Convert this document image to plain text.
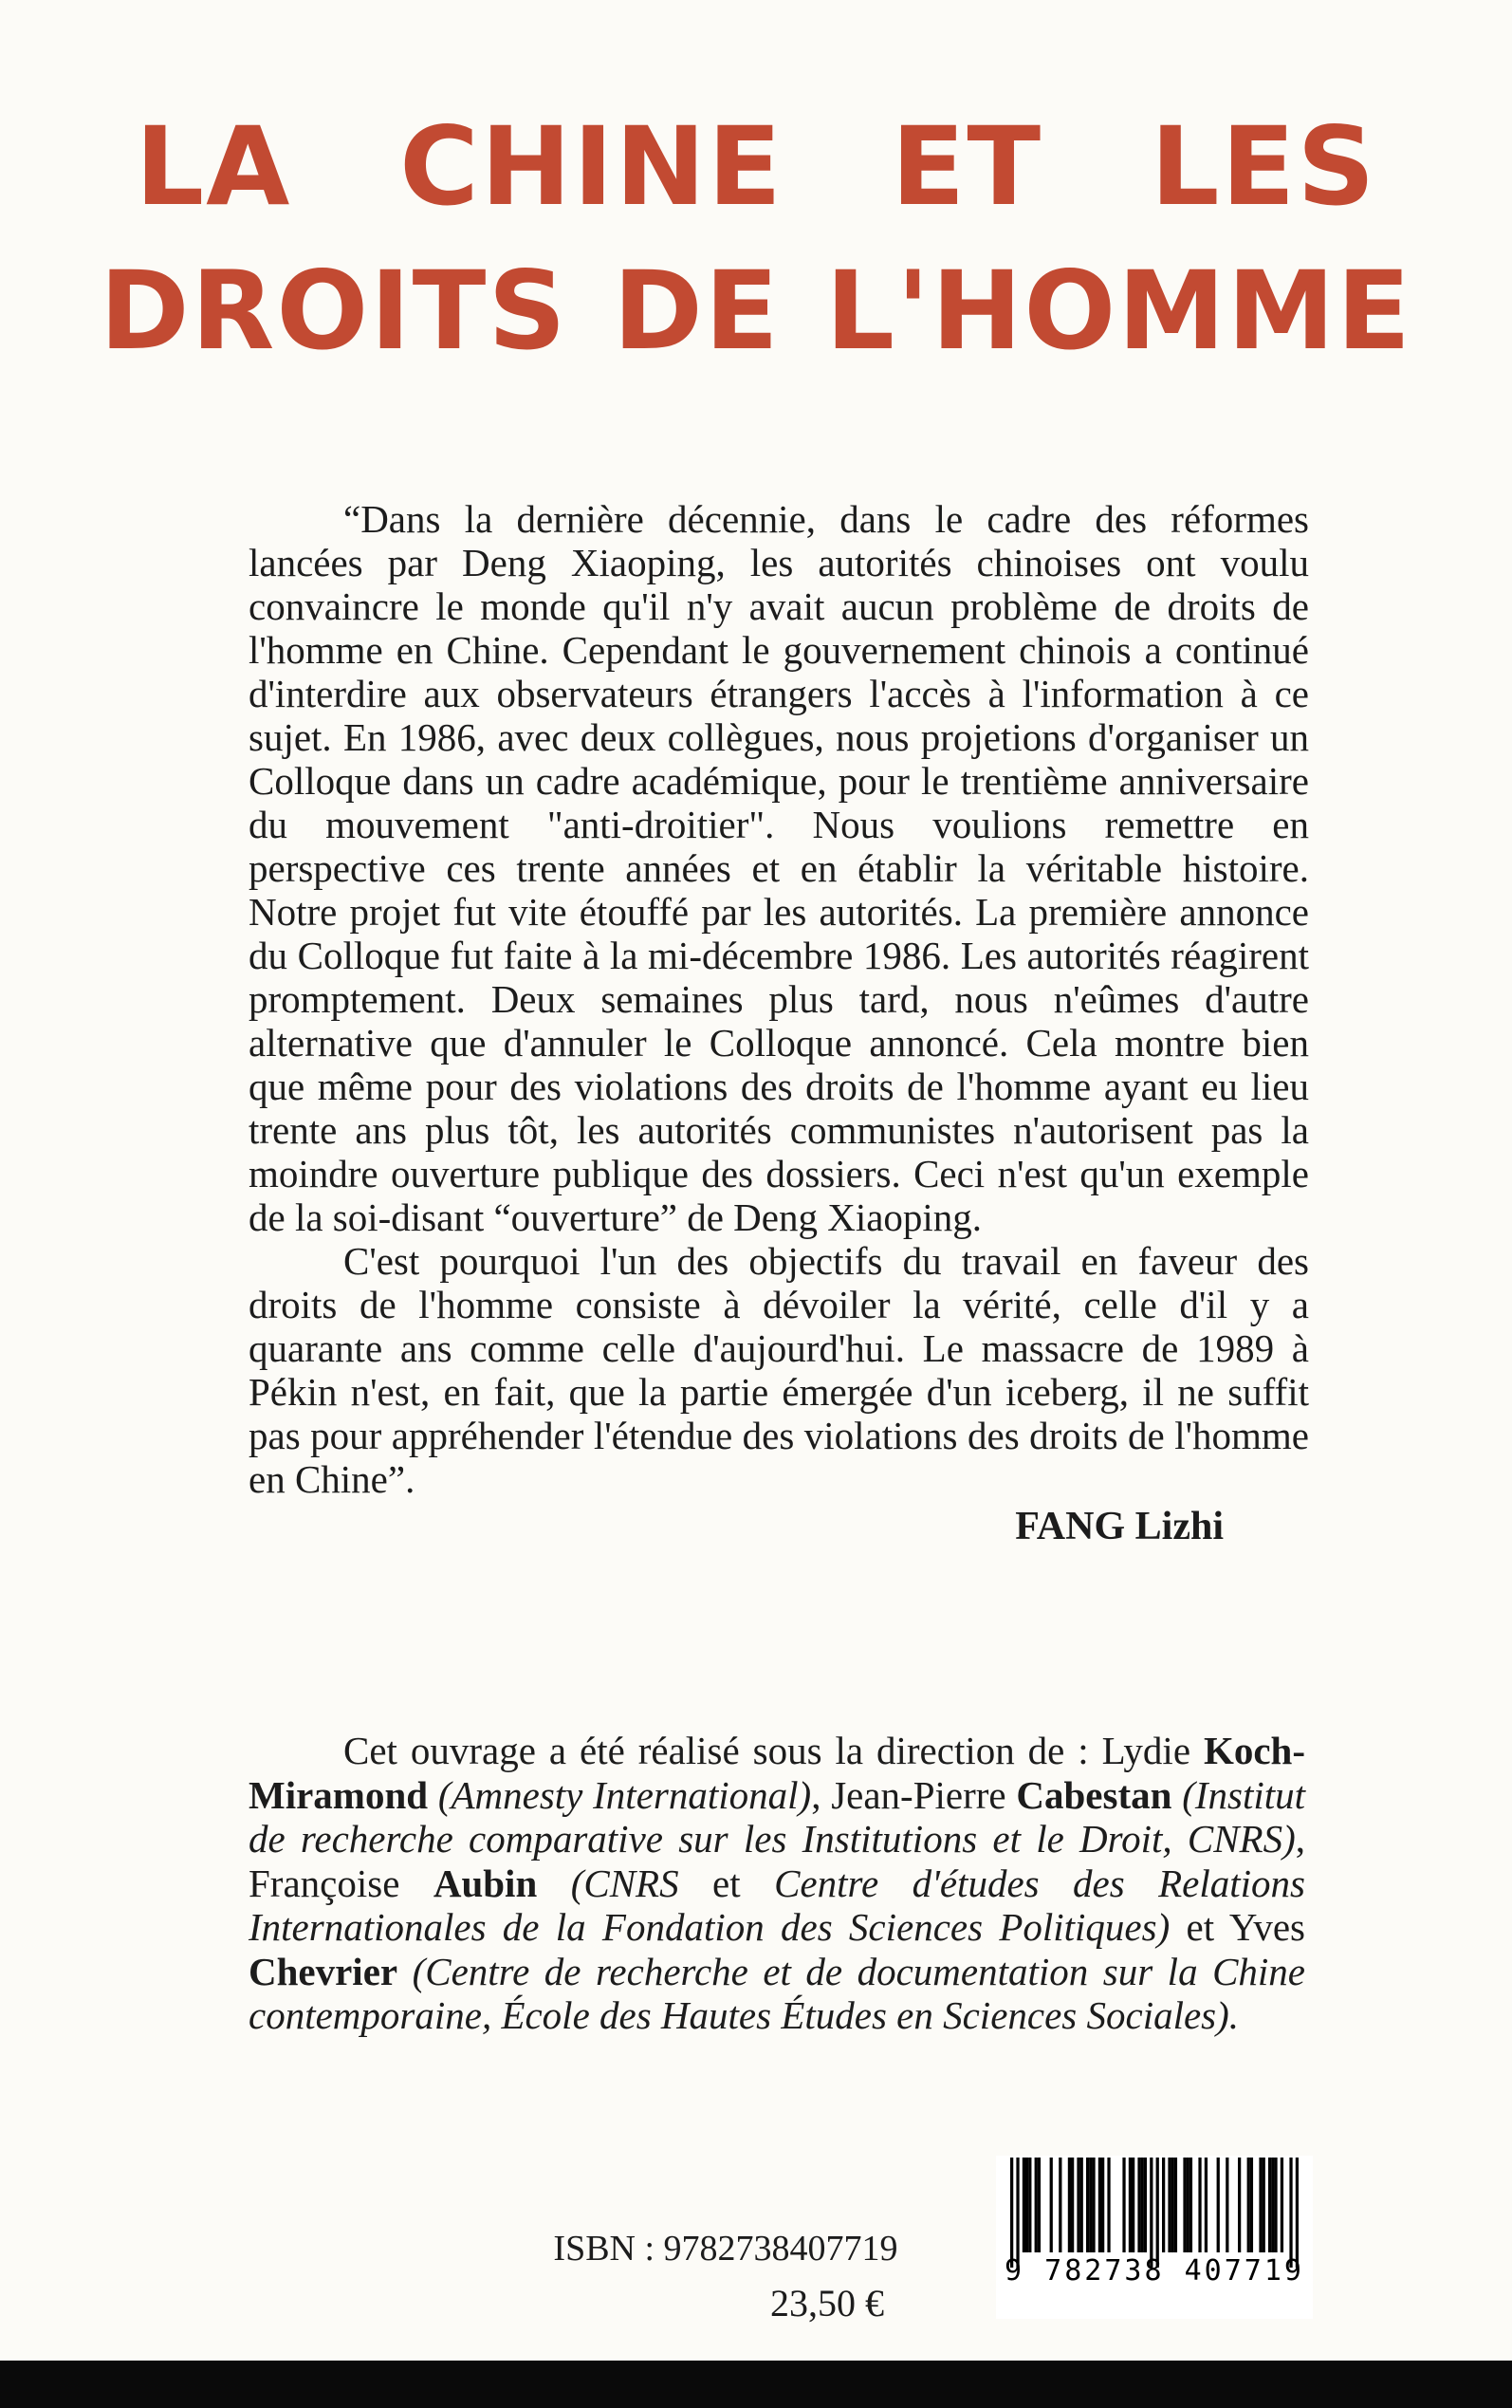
LA CHINE ET LES
DROITS DE L'HOMME

“Dans la dernière décennie, dans le cadre des réformes lancées par Deng Xiaoping, les autorités chinoises ont voulu convaincre le monde qu'il n'y avait aucun problème de droits de l'homme en Chine. Cependant le gouvernement chinois a continué d'interdire aux observateurs étrangers l'accès à l'information à ce sujet. En 1986, avec deux collègues, nous projetions d'organiser un Colloque dans un cadre académique, pour le trentième anniversaire du mouvement "anti-droitier". Nous voulions remettre en perspective ces trente années et en établir la véritable histoire. Notre projet fut vite étouffé par les autorités. La première annonce du Colloque fut faite à la mi-décembre 1986. Les autorités réagirent promptement. Deux semaines plus tard, nous n'eûmes d'autre alternative que d'annuler le Colloque annoncé. Cela montre bien que même pour des violations des droits de l'homme ayant eu lieu trente ans plus tôt, les autorités communistes n'autorisent pas la moindre ouverture publique des dossiers. Ceci n'est qu'un exemple de la soi-disant “ouverture” de Deng Xiaoping.

C'est pourquoi l'un des objectifs du travail en faveur des droits de l'homme consiste à dévoiler la vérité, celle d'il y a quarante ans comme celle d'aujourd'hui. Le massacre de 1989 à Pékin n'est, en fait, que la partie émergée d'un iceberg, il ne suffit pas pour appréhender l'étendue des violations des droits de l'homme en Chine”.

FANG Lizhi

Cet ouvrage a été réalisé sous la direction de : Lydie Koch-Miramond (Amnesty International), Jean-Pierre Cabestan (Institut de recherche comparative sur les Institutions et le Droit, CNRS), Françoise Aubin (CNRS et Centre d'études des Relations Internationales de la Fondation des Sciences Politiques) et Yves Chevrier (Centre de recherche et de documentation sur la Chine contemporaine, École des Hautes Études en Sciences Sociales).
ISBN : 9782738407719
23,50 €
9 782738 407719
